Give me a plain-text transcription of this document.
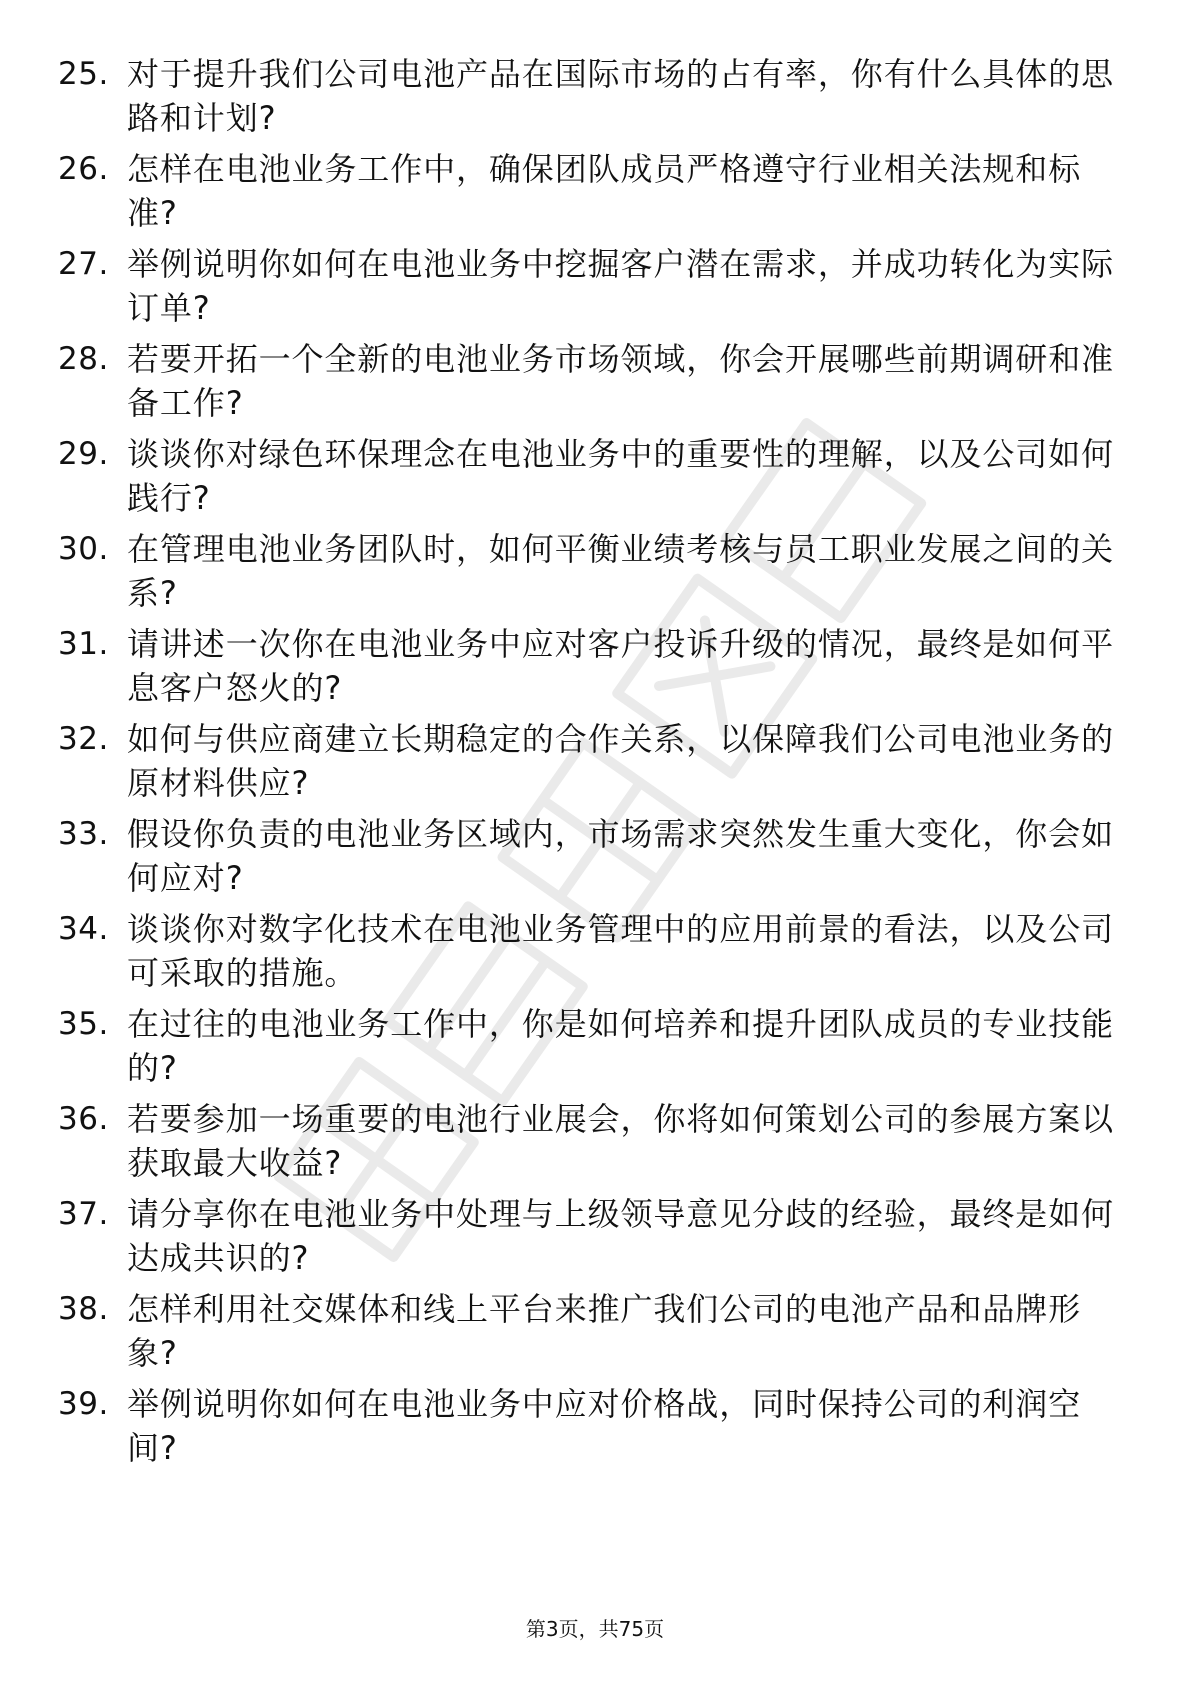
25. 对于提升我们公司电池产品在国际市场的占有率，你有什么具体的思路和计划?
26. 怎样在电池业务工作中，确保团队成员严格遵守行业相关法规和标准?
27. 举例说明你如何在电池业务中挖掘客户潜在需求，并成功转化为实际订单?
28. 若要开拓一个全新的电池业务市场领域，你会开展哪些前期调研和准备工作?
29. 谈谈你对绿色环保理念在电池业务中的重要性的理解，以及公司如何践行?
30. 在管理电池业务团队时，如何平衡业绩考核与员工职业发展之间的关系?
31. 请讲述一次你在电池业务中应对客户投诉升级的情况，最终是如何平息客户怒火的?
32. 如何与供应商建立长期稳定的合作关系，以保障我们公司电池业务的原材料供应?
33. 假设你负责的电池业务区域内，市场需求突然发生重大变化，你会如何应对?
34. 谈谈你对数字化技术在电池业务管理中的应用前景的看法，以及公司可采取的措施。
35. 在过往的电池业务工作中，你是如何培养和提升团队成员的专业技能的?
36. 若要参加一场重要的电池行业展会，你将如何策划公司的参展方案以获取最大收益?
37. 请分享你在电池业务中处理与上级领导意见分歧的经验，最终是如何达成共识的?
38. 怎样利用社交媒体和线上平台来推广我们公司的电池产品和品牌形象?
39. 举例说明你如何在电池业务中应对价格战，同时保持公司的利润空间?
第3页，共75页
